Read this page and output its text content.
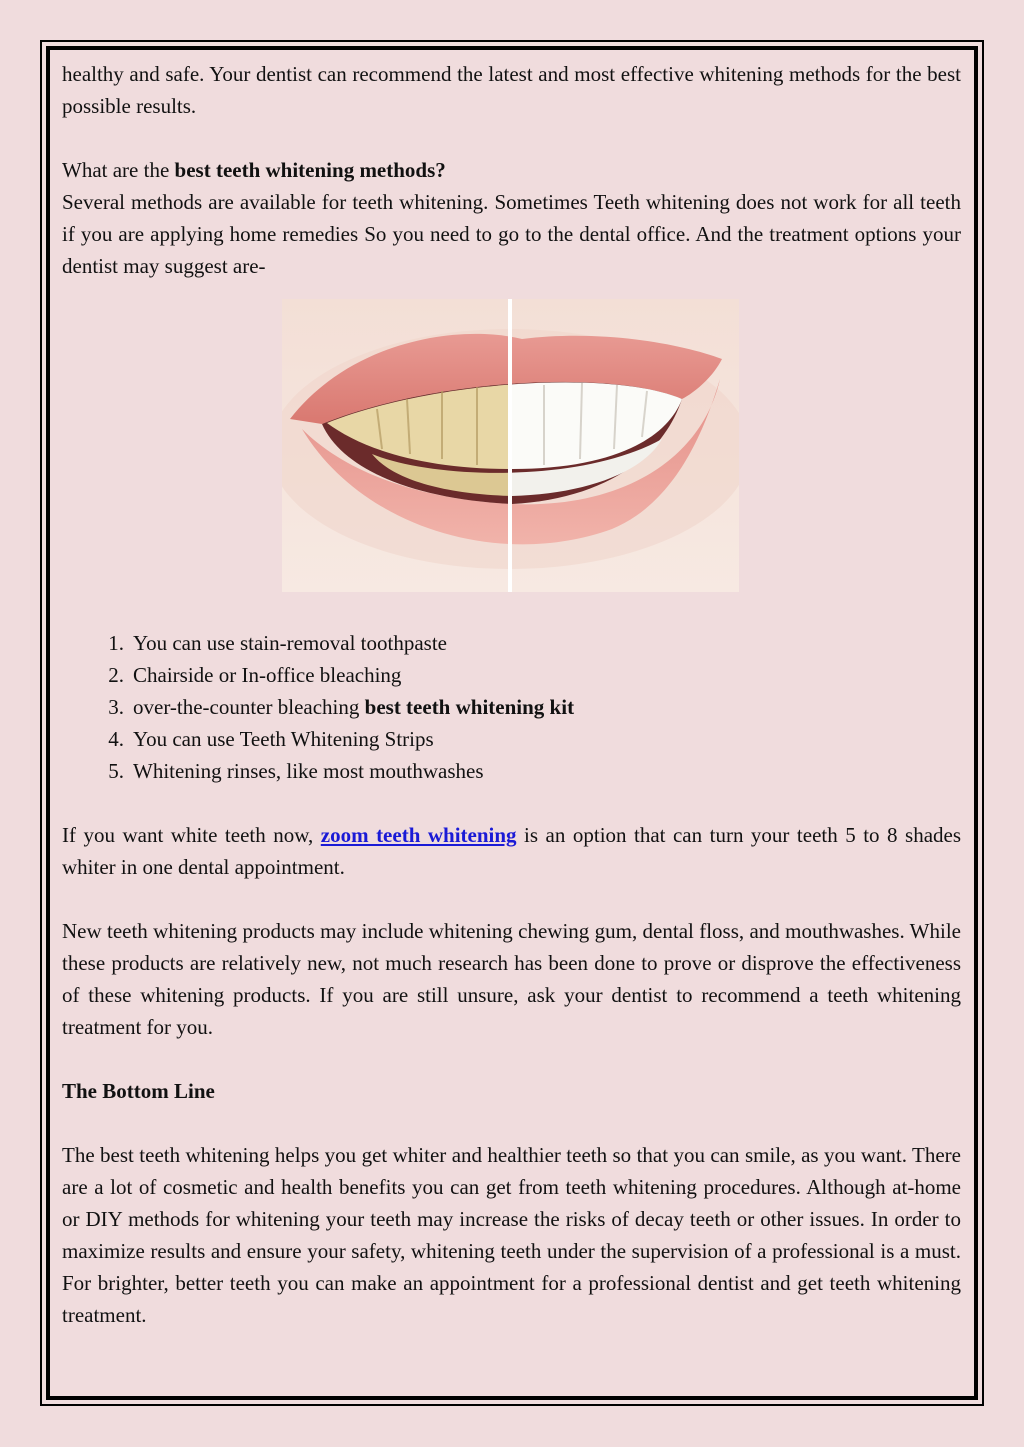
healthy and safe. Your dentist can recommend the latest and most effective whitening methods for the best possible results.

What are the best teeth whitening methods?

Several methods are available for teeth whitening. Sometimes Teeth whitening does not work for all teeth if you are applying home remedies So you need to go to the dental office. And the treatment options your dentist may suggest are-

1. You can use stain-removal toothpaste
2. Chairside or In-office bleaching
3. over-the-counter bleaching best teeth whitening kit
4. You can use Teeth Whitening Strips
5. Whitening rinses, like most mouthwashes

If you want white teeth now, zoom teeth whitening is an option that can turn your teeth 5 to 8 shades whiter in one dental appointment.

New teeth whitening products may include whitening chewing gum, dental floss, and mouthwashes. While these products are relatively new, not much research has been done to prove or disprove the effectiveness of these whitening products. If you are still unsure, ask your dentist to recommend a teeth whitening treatment for you.

The Bottom Line

The best teeth whitening helps you get whiter and healthier teeth so that you can smile, as you want. There are a lot of cosmetic and health benefits you can get from teeth whitening procedures. Although at-home or DIY methods for whitening your teeth may increase the risks of decay teeth or other issues. In order to maximize results and ensure your safety, whitening teeth under the supervision of a professional is a must. For brighter, better teeth you can make an appointment for a professional dentist and get teeth whitening treatment.
